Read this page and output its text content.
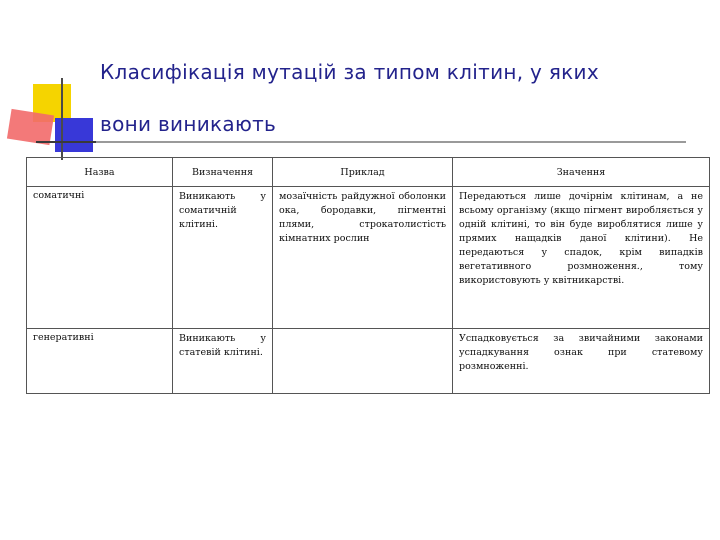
Класифікація мутацій за типом клітин, у яких
вони виникають
Назва	Визначення	Приклад	Значення
соматичні	Виникають у соматичній клітині.	мозаїчність райдужної оболонки ока, бородавки, пігментні плями, строкатолистість кімнатних рослин	Передаються лише дочірнім клітинам, а не всьому організму (якщо пігмент виробляється у одній клітині, то він буде вироблятися лише у прямих нащадків даної клітини). Не передаються у спадок, крім випадків вегетативного розмноження., тому використовують у квітникарстві.
генеративні	Виникають у статевій клітині.		Успадковується за звичайними законами успадкування ознак при статевому розмноженні.
